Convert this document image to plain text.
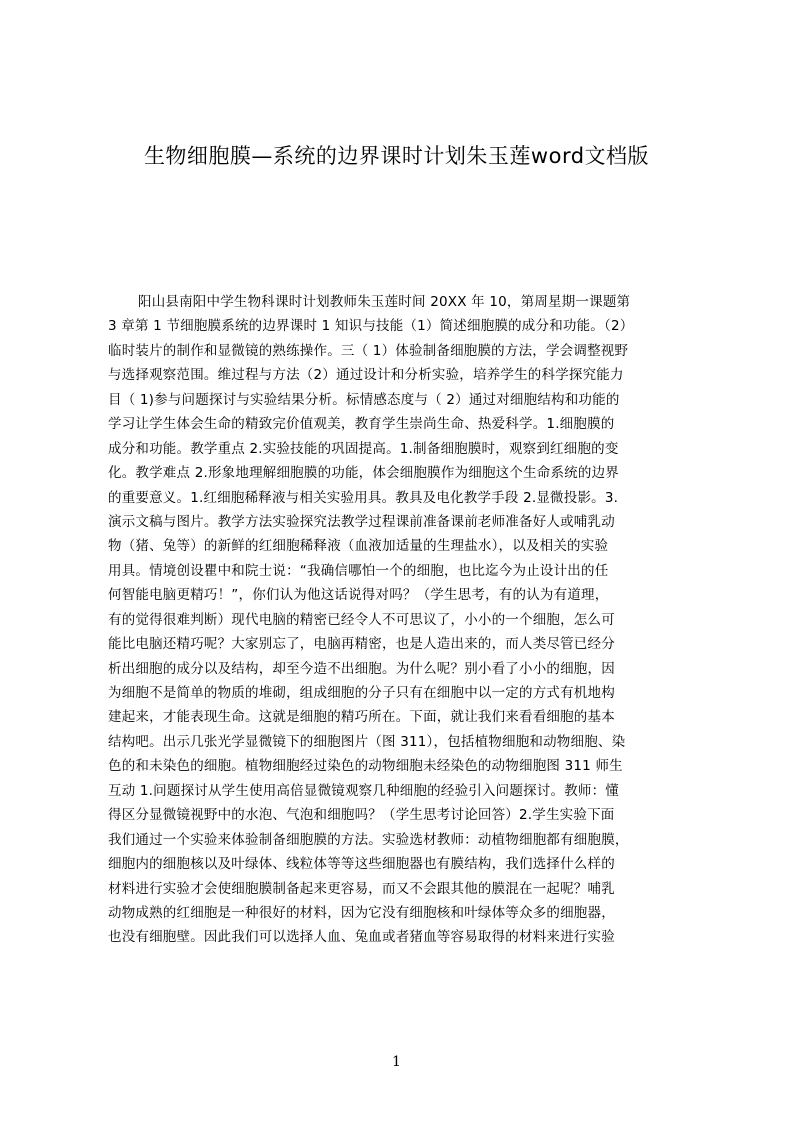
生物细胞膜—系统的边界课时计划朱玉莲word文档版
阳山县南阳中学生物科课时计划教师朱玉莲时间 20XX 年 10，第周星期一课题第
3 章第 1 节细胞膜系统的边界课时 1 知识与技能（1）简述细胞膜的成分和功能。（2）
临时装片的制作和显微镜的熟练操作。三（ 1）体验制备细胞膜的方法，学会调整视野
与选择观察范围。维过程与方法（2）通过设计和分析实验，培养学生的科学探究能力
目（ 1)参与问题探讨与实验结果分析。标情感态度与（ 2）通过对细胞结构和功能的
学习让学生体会生命的精致完价值观美，教育学生崇尚生命、热爱科学。1.细胞膜的
成分和功能。教学重点 2.实验技能的巩固提高。1.制备细胞膜时，观察到红细胞的变
化。教学难点 2.形象地理解细胞膜的功能，体会细胞膜作为细胞这个生命系统的边界
的重要意义。1.红细胞稀释液与相关实验用具。教具及电化教学手段 2.显微投影。3.
演示文稿与图片。教学方法实验探究法教学过程课前准备课前老师准备好人或哺乳动
物（猪、兔等）的新鲜的红细胞稀释液（血液加适量的生理盐水），以及相关的实验
用具。情境创设瞿中和院士说：“我确信哪怕一个的细胞，也比迄今为止设计出的任
何智能电脑更精巧！”，你们认为他这话说得对吗？（学生思考，有的认为有道理，
有的觉得很难判断）现代电脑的精密已经令人不可思议了，小小的一个细胞，怎么可
能比电脑还精巧呢？大家别忘了，电脑再精密，也是人造出来的，而人类尽管已经分
析出细胞的成分以及结构，却至今造不出细胞。为什么呢？别小看了小小的细胞，因
为细胞不是简单的物质的堆砌，组成细胞的分子只有在细胞中以一定的方式有机地构
建起来，才能表现生命。这就是细胞的精巧所在。下面，就让我们来看看细胞的基本
结构吧。出示几张光学显微镜下的细胞图片（图 311），包括植物细胞和动物细胞、染
色的和未染色的细胞。植物细胞经过染色的动物细胞未经染色的动物细胞图 311 师生
互动 1.问题探讨从学生使用高倍显微镜观察几种细胞的经验引入问题探讨。教师：懂
得区分显微镜视野中的水泡、气泡和细胞吗？（学生思考讨论回答）2.学生实验下面
我们通过一个实验来体验制备细胞膜的方法。实验选材教师：动植物细胞都有细胞膜，
细胞内的细胞核以及叶绿体、线粒体等等这些细胞器也有膜结构，我们选择什么样的
材料进行实验才会使细胞膜制备起来更容易，而又不会跟其他的膜混在一起呢？哺乳
动物成熟的红细胞是一种很好的材料，因为它没有细胞核和叶绿体等众多的细胞器，
也没有细胞壁。因此我们可以选择人血、兔血或者猪血等容易取得的材料来进行实验
1
